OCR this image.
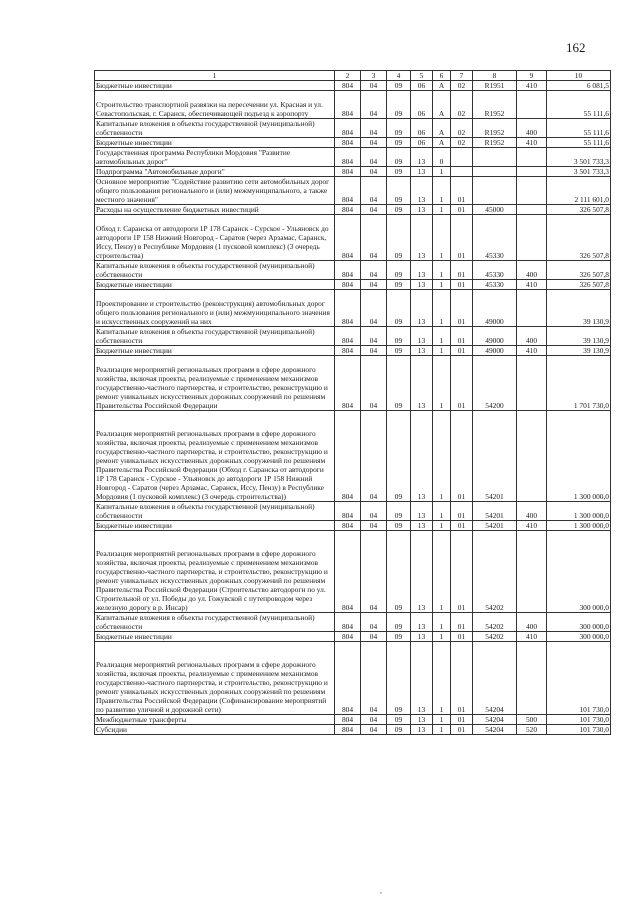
162
1	2	3	4	5	6	7	8	9	10
Бюджетные инвестиции	804	04	09	06	А	02	R1951	410	6 081,5
Строительство транспортной развязки на пересечении ул. Красная и ул. Севастопольская, г. Саранск, обеспечивающей подъезд к аэропорту	804	04	09	06	А	02	R1952		55 111,6
Капитальные вложения в объекты государственной (муниципальной) собственности	804	04	09	06	А	02	R1952	400	55 111,6
Бюджетные инвестиции	804	04	09	06	А	02	R1952	410	55 111,6
Государственная программа Республики Мордовия "Развитие автомобильных дорог"	804	04	09	13	0				3 501 733,3
Подпрограмма "Автомобильные дороги"	804	04	09	13	1				3 501 733,3
Основное мероприятие "Содействие развитию сети автомобильных дорог общего пользования регионального и (или) межмуниципального, а также местного значения"	804	04	09	13	1	01			2 111 601,0
Расходы на осуществление бюджетных инвестиций	804	04	09	13	1	01	45000		326 507,8
Обход г. Саранска от автодороги 1Р 178 Саранск - Сурское - Ульяновск до автодороги 1Р 158 Нижний Новгород - Саратов (через Арзамас, Саранск, Исcу, Пензу) в Республике Мордовия (1 пусковой комплекс) (3 очередь строительства)	804	04	09	13	1	01	45330		326 507,8
Капитальные вложения в объекты государственной (муниципальной) собственности	804	04	09	13	1	01	45330	400	326 507,8
Бюджетные инвестиции	804	04	09	13	1	01	45330	410	326 507,8
Проектирование и строительство (реконструкция) автомобильных дорог общего пользования регионального и (или) межмуниципального значения и искусственных сооружений на них	804	04	09	13	1	01	49000		39 130,9
Капитальные вложения в объекты государственной (муниципальной) собственности	804	04	09	13	1	01	49000	400	39 130,9
Бюджетные инвестиции	804	04	09	13	1	01	49000	410	39 130,9
Реализация мероприятий региональных программ в сфере дорожного хозяйства, включая проекты, реализуемые с применением механизмов государственно-частного партнерства, и строительство, реконструкцию и ремонт уникальных искусственных дорожных сооружений по решениям Правительства Российской Федерации	804	04	09	13	1	01	54200		1 701 730,0
Реализация мероприятий региональных программ в сфере дорожного хозяйства, включая проекты, реализуемые с применением механизмов государственно-частного партнерства, и строительство, реконструкцию и ремонт уникальных искусственных дорожных сооружений по решениям Правительства Российской Федерации (Обход г. Саранска от автодороги 1Р 178 Саранск - Сурское - Ульяновск до автодороги 1Р 158 Нижний Новгород - Саратов (через Арзамас, Саранск, Исcу, Пензу) в Республике Мордовия (1 пусковой комплекс) (3 очередь строительства))	804	04	09	13	1	01	54201		1 300 000,0
Капитальные вложения в объекты государственной (муниципальной) собственности	804	04	09	13	1	01	54201	400	1 300 000,0
Бюджетные инвестиции	804	04	09	13	1	01	54201	410	1 300 000,0
Реализация мероприятий региональных программ в сфере дорожного хозяйства, включая проекты, реализуемые с применением механизмов государственно-частного партнерства, и строительство, реконструкцию и ремонт уникальных искусственных дорожных сооружений по решениям Правительства Российской Федерации (Строительство автодороги по ул. Строительной от ул. Победы до ул. Гожувской с путепроводом через железную дорогу в р. Инсар)	804	04	09	13	1	01	54202		300 000,0
Капитальные вложения в объекты государственной (муниципальной) собственности	804	04	09	13	1	01	54202	400	300 000,0
Бюджетные инвестиции	804	04	09	13	1	01	54202	410	300 000,0
Реализация мероприятий региональных программ в сфере дорожного хозяйства, включая проекты, реализуемые с применением механизмов государственно-частного партнерства, и строительство, реконструкцию и ремонт уникальных искусственных дорожных сооружений по решениям Правительства Российской Федерации (Софинансирование мероприятий по развитию уличной и дорожной сети)	804	04	09	13	1	01	54204		101 730,0
Межбюджетные трансферты	804	04	09	13	1	01	54204	500	101 730,0
Субсидии	804	04	09	13	1	01	54204	520	101 730,0
,
